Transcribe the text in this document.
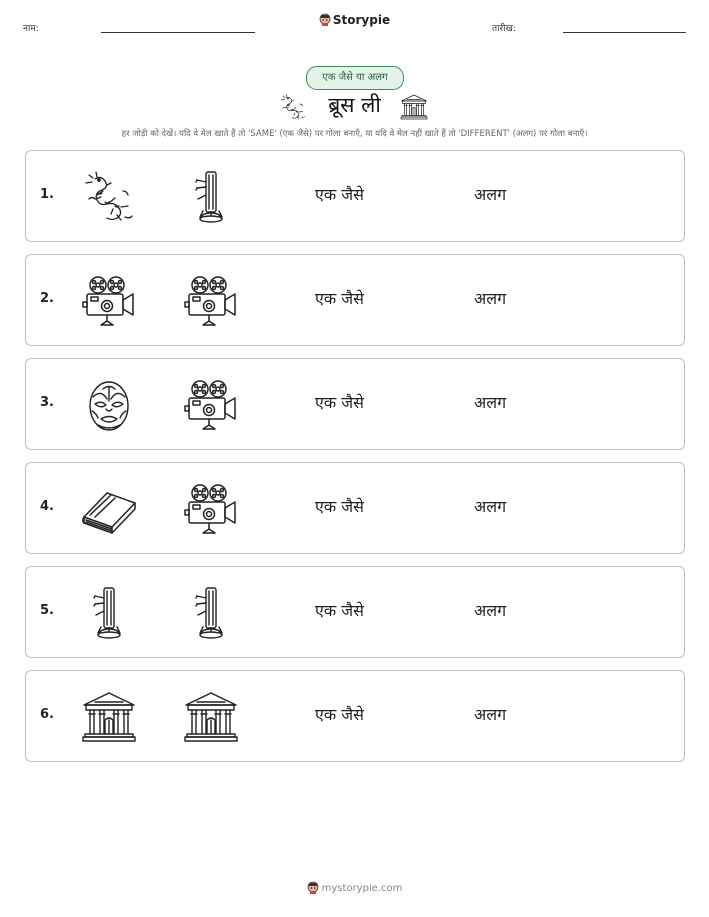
नाम:
Storypie
तारीख:
एक जैसे या अलग
ब्रूस ली
हर जोड़ी को देखें। यदि वे मेल खाते हैं तो 'SAME' (एक जैसे) पर गोला बनाएँ, या यदि वे मेल नहीं खाते हैं तो 'DIFFERENT' (अलग) पर गोला बनाएँ।
1.	एक जैसे	अलग
2.	एक जैसे	अलग
3.	एक जैसे	अलग
4.	एक जैसे	अलग
5.	एक जैसे	अलग
6.	एक जैसे	अलग
mystorypie.com
